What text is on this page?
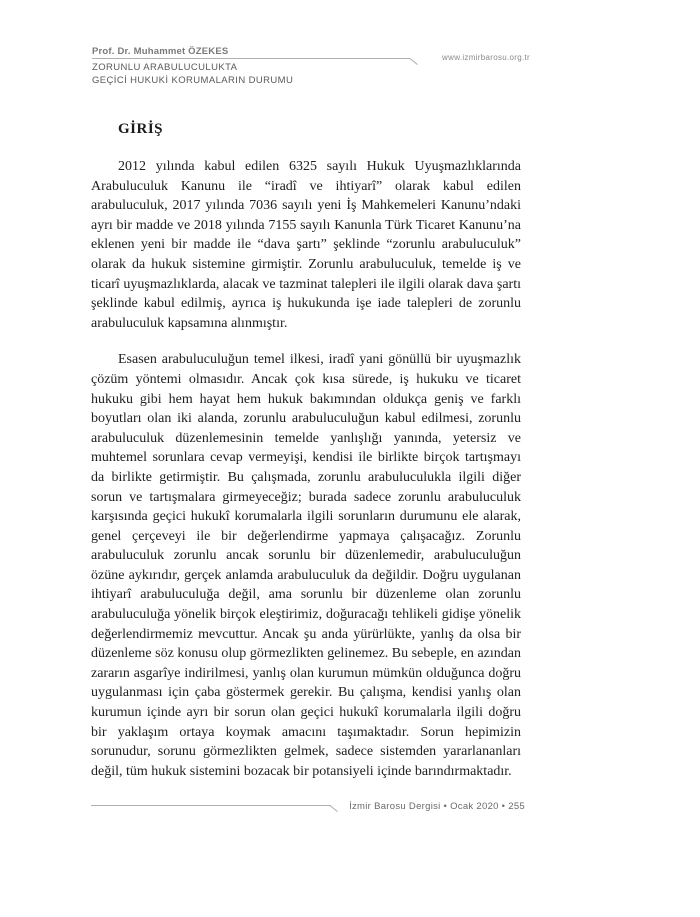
Prof. Dr. Muhammet ÖZEKES
www.izmirbarosu.org.tr
ZORUNLU ARABULUCULUKTA
GEÇİCİ HUKUKİ KORUMALARIN DURUMU
GİRİŞ

2012 yılında kabul edilen 6325 sayılı Hukuk Uyuşmazlıklarında Arabuluculuk Kanunu ile “iradî ve ihtiyarî” olarak kabul edilen arabuluculuk, 2017 yılında 7036 sayılı yeni İş Mahkemeleri Kanunu’ndaki ayrı bir madde ve 2018 yılında 7155 sayılı Kanunla Türk Ticaret Kanunu’na eklenen yeni bir madde ile “dava şartı” şeklinde “zorunlu arabuluculuk” olarak da hukuk sistemine girmiştir. Zorunlu arabuluculuk, temelde iş ve ticarî uyuşmazlıklarda, alacak ve tazminat talepleri ile ilgili olarak dava şartı şeklinde kabul edilmiş, ayrıca iş hukukunda işe iade talepleri de zorunlu arabuluculuk kapsamına alınmıştır.

Esasen arabuluculuğun temel ilkesi, iradî yani gönüllü bir uyuşmazlık çözüm yöntemi olmasıdır. Ancak çok kısa sürede, iş hukuku ve ticaret hukuku gibi hem hayat hem hukuk bakımından oldukça geniş ve farklı boyutları olan iki alanda, zorunlu arabuluculuğun kabul edilmesi, zorunlu arabuluculuk düzenlemesinin temelde yanlışlığı yanında, yetersiz ve muhtemel sorunlara cevap vermeyişi, kendisi ile birlikte birçok tartışmayı da birlikte getirmiştir. Bu çalışmada, zorunlu arabuluculukla ilgili diğer sorun ve tartışmalara girmeyeceğiz; burada sadece zorunlu arabuluculuk karşısında geçici hukukî korumalarla ilgili sorunların durumunu ele alarak, genel çerçeveyi ile bir değerlendirme yapmaya çalışacağız. Zorunlu arabuluculuk zorunlu ancak sorunlu bir düzenlemedir, arabuluculuğun özüne aykırıdır, gerçek anlamda arabuluculuk da değildir. Doğru uygulanan ihtiyarî arabuluculuğa değil, ama sorunlu bir düzenleme olan zorunlu arabuluculuğa yönelik birçok eleştirimiz, doğuracağı tehlikeli gidişe yönelik değerlendirmemiz mevcuttur. Ancak şu anda yürürlükte, yanlış da olsa bir düzenleme söz konusu olup görmezlikten gelinemez. Bu sebeple, en azından zararın asgarîye indirilmesi, yanlış olan kurumun mümkün olduğunca doğru uygulanması için çaba göstermek gerekir. Bu çalışma, kendisi yanlış olan kurumun içinde ayrı bir sorun olan geçici hukukî korumalarla ilgili doğru bir yaklaşım ortaya koymak amacını taşımaktadır. Sorun hepimizin sorunudur, sorunu görmezlikten gelmek, sadece sistemden yararlananları değil, tüm hukuk sistemini bozacak bir potansiyeli içinde barındırmaktadır.

İzmir Barosu Dergisi • Ocak 2020 • 255
